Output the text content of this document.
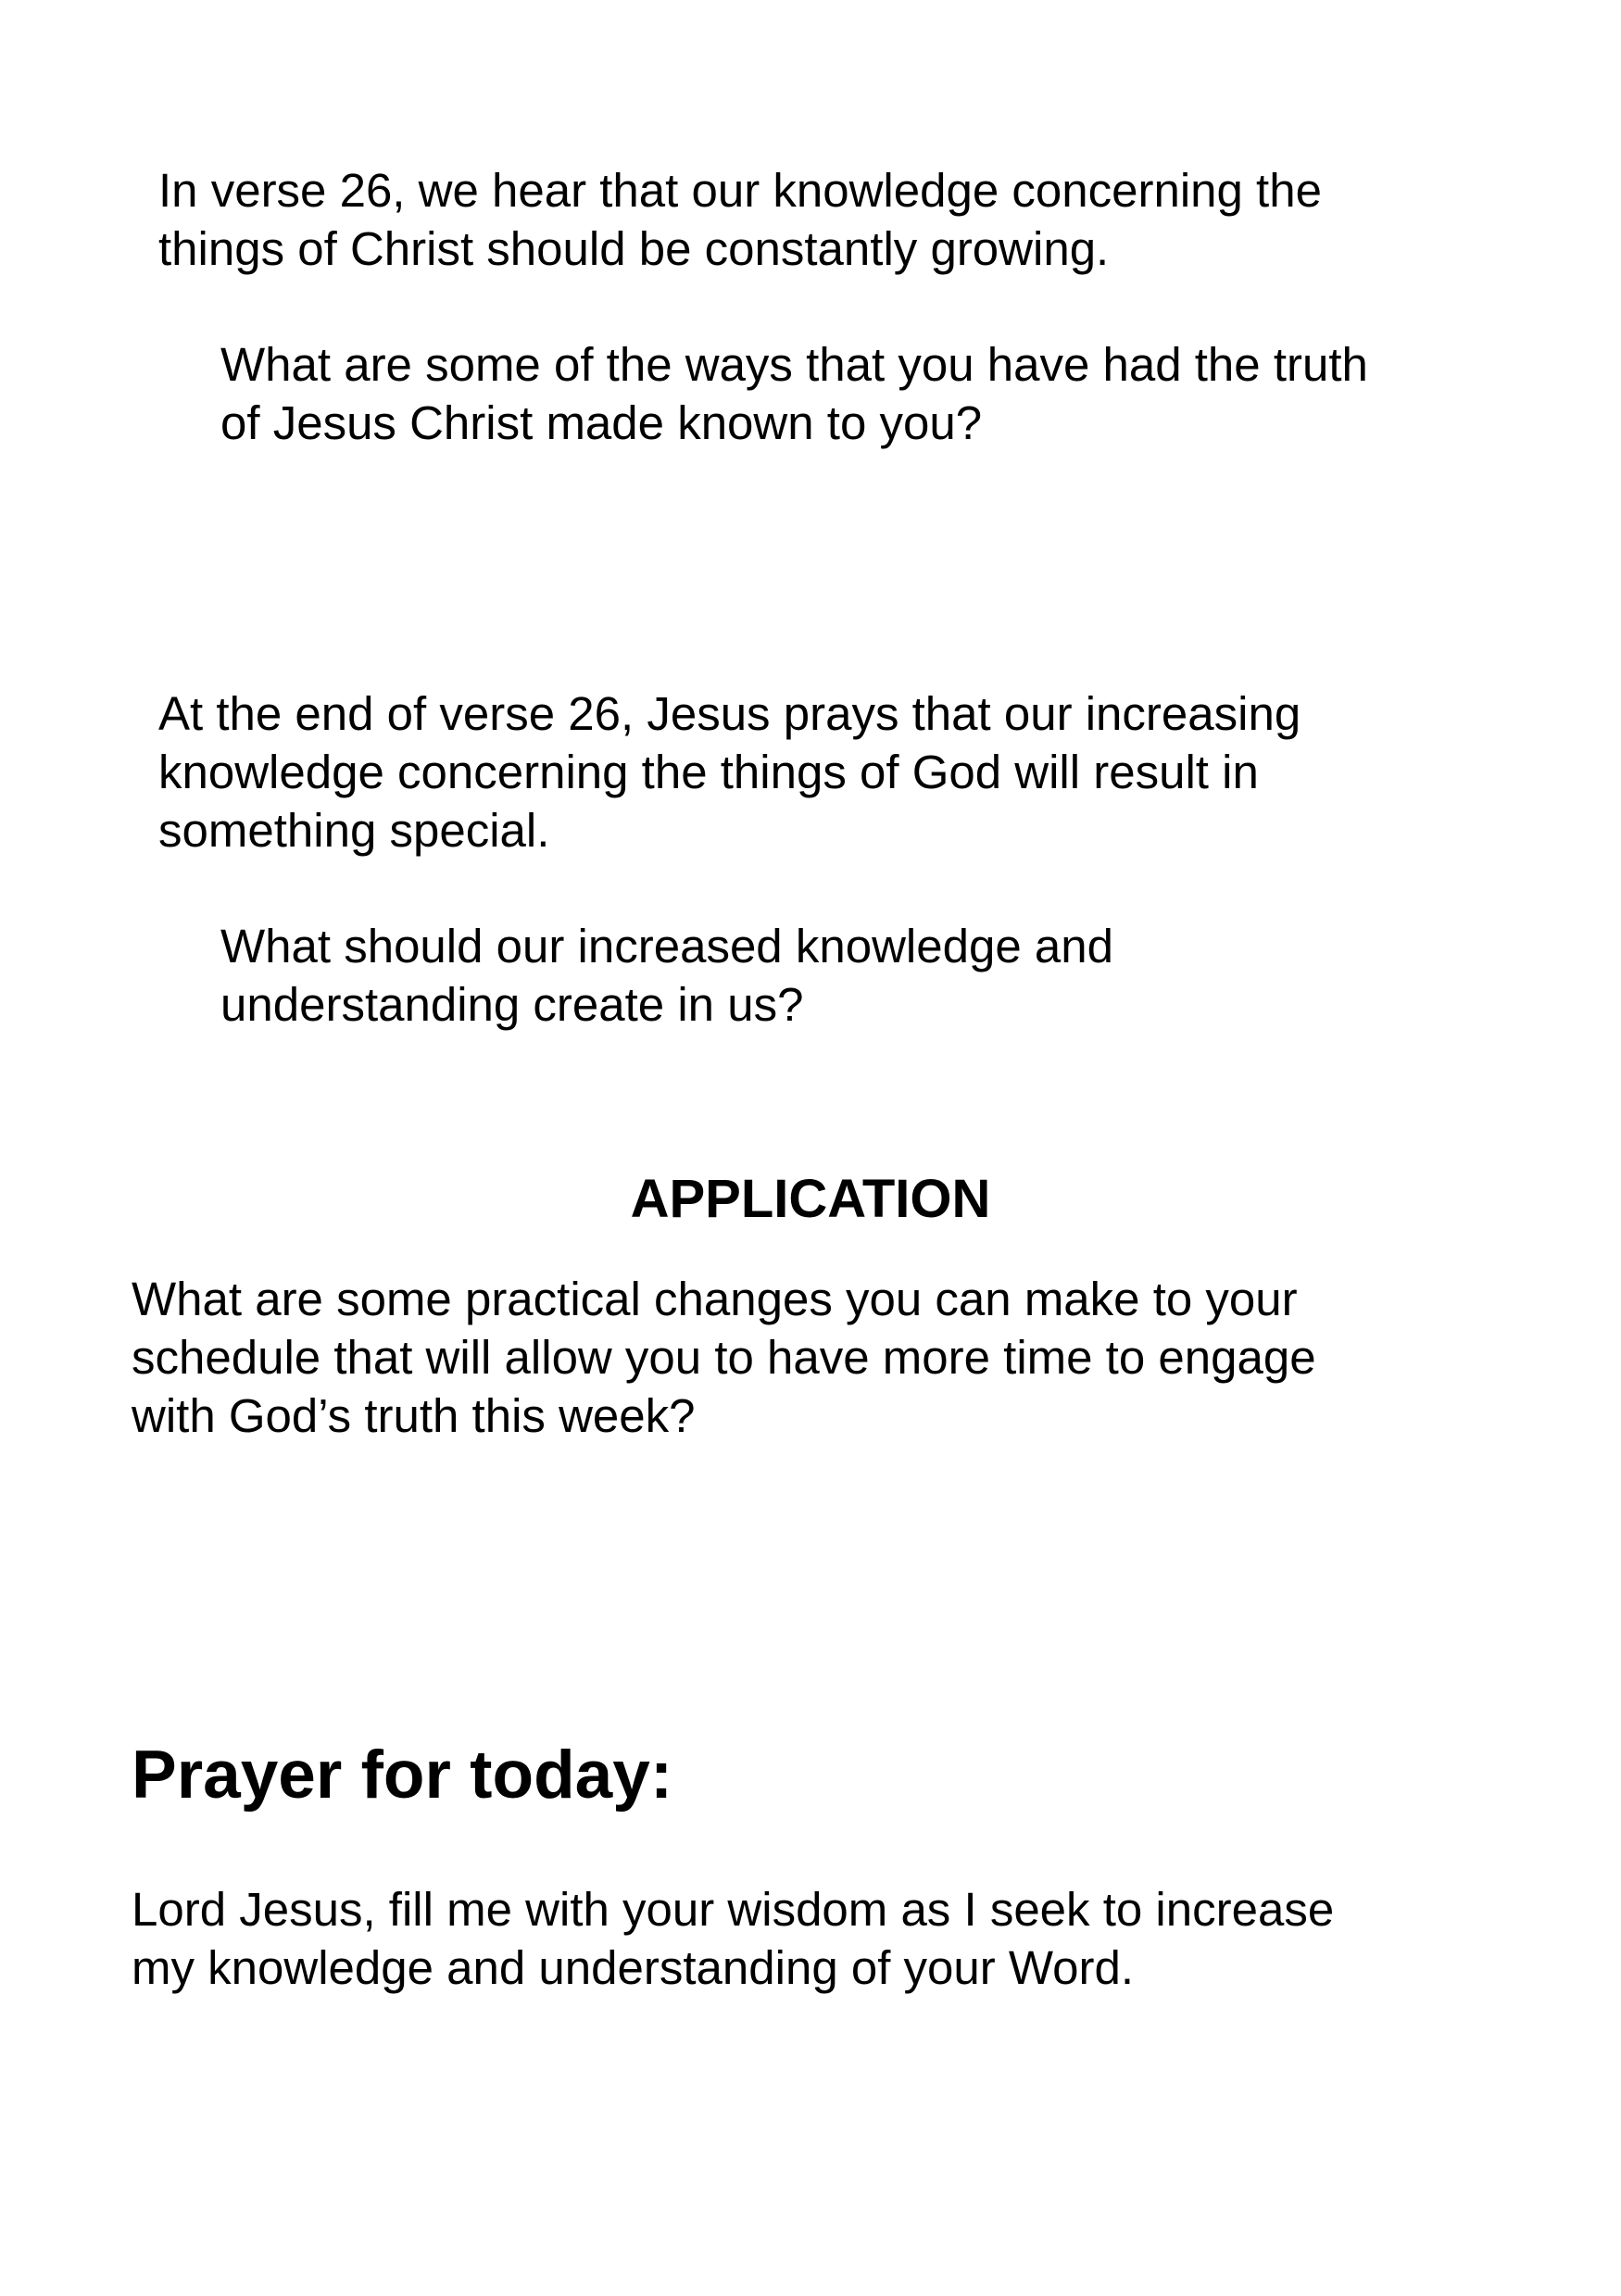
In verse 26, we hear that our knowledge concerning the
things of Christ should be constantly growing.

What are some of the ways that you have had the truth
of Jesus Christ made known to you?

At the end of verse 26, Jesus prays that our increasing
knowledge concerning the things of God will result in
something special.

What should our increased knowledge and
understanding create in us?

APPLICATION

What are some practical changes you can make to your
schedule that will allow you to have more time to engage
with God’s truth this week?

Prayer for today:

Lord Jesus, fill me with your wisdom as I seek to increase
my knowledge and understanding of your Word.
